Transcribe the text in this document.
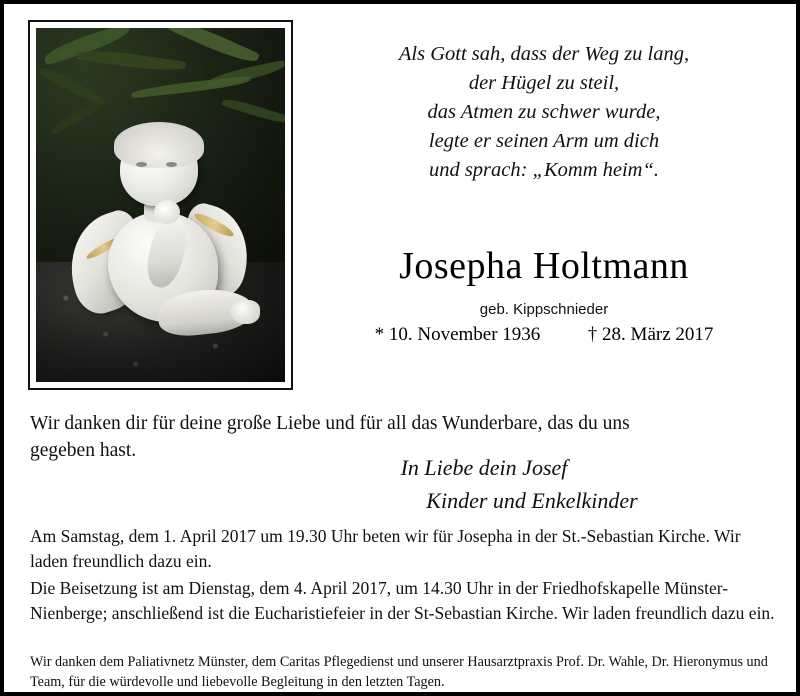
Als Gott sah, dass der Weg zu lang,
der Hügel zu steil,
das Atmen zu schwer wurde,
legte er seinen Arm um dich
und sprach: „Komm heim“.
Josepha Holtmann
geb. Kippschnieder
* 10. November 1936	† 28. März 2017
Wir danken dir für deine große Liebe und für all das Wunderbare, das du uns gegeben hast.
In Liebe dein Josef
Kinder und Enkelkinder
Am Samstag, dem 1. April 2017 um 19.30 Uhr beten wir für Josepha in der St.-Sebastian Kirche. Wir laden freundlich dazu ein.
Die Beisetzung ist am Dienstag, dem 4. April 2017, um 14.30 Uhr in der Friedhofskapelle Münster-Nienberge; anschließend ist die Eucharistiefeier in der St-Sebastian Kirche. Wir laden freundlich dazu ein.
Wir danken dem Paliativnetz Münster, dem Caritas Pflegedienst und unserer Hausarztpraxis Prof. Dr. Wahle, Dr. Hieronymus und Team, für die würdevolle und liebevolle Begleitung in den letzten Tagen.
